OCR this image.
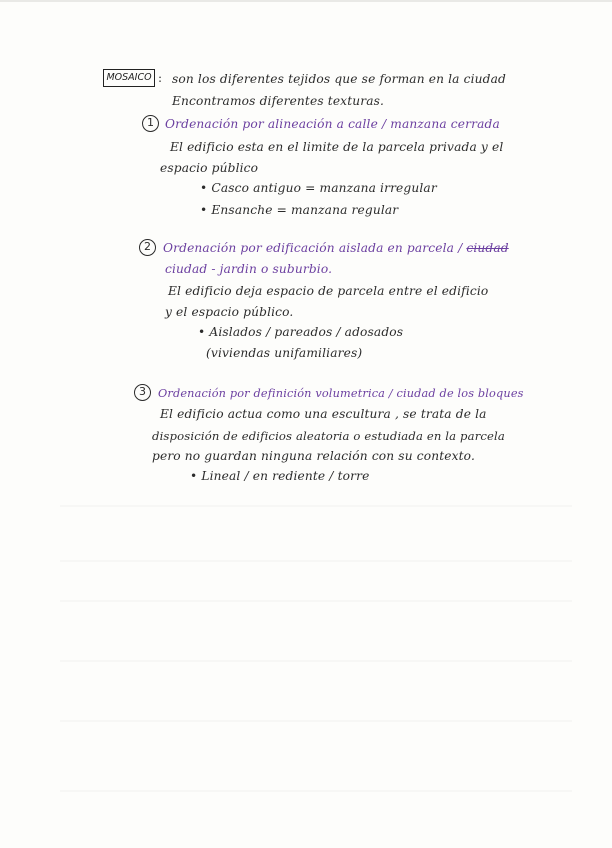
MOSAICO : son los diferentes tejidos que se forman en la ciudad
Encontramos diferentes texturas.
1 Ordenación por alineación a calle / manzana cerrada
El edificio esta en el limite de la parcela privada y el
espacio público
• Casco antiguo = manzana irregular
• Ensanche = manzana regular
2 Ordenación por edificación aislada en parcela / ciudad
ciudad - jardin o suburbio.
El edificio deja espacio de parcela entre el edificio
y el espacio público.
• Aislados / pareados / adosados
(viviendas unifamiliares)
3	Ordenación por definición volumetrica / ciudad de los bloques
El edificio actua como una escultura , se trata de la
disposición de edificios aleatoria o estudiada en la parcela
pero no guardan ninguna relación con su contexto.
• Lineal / en rediente / torre
